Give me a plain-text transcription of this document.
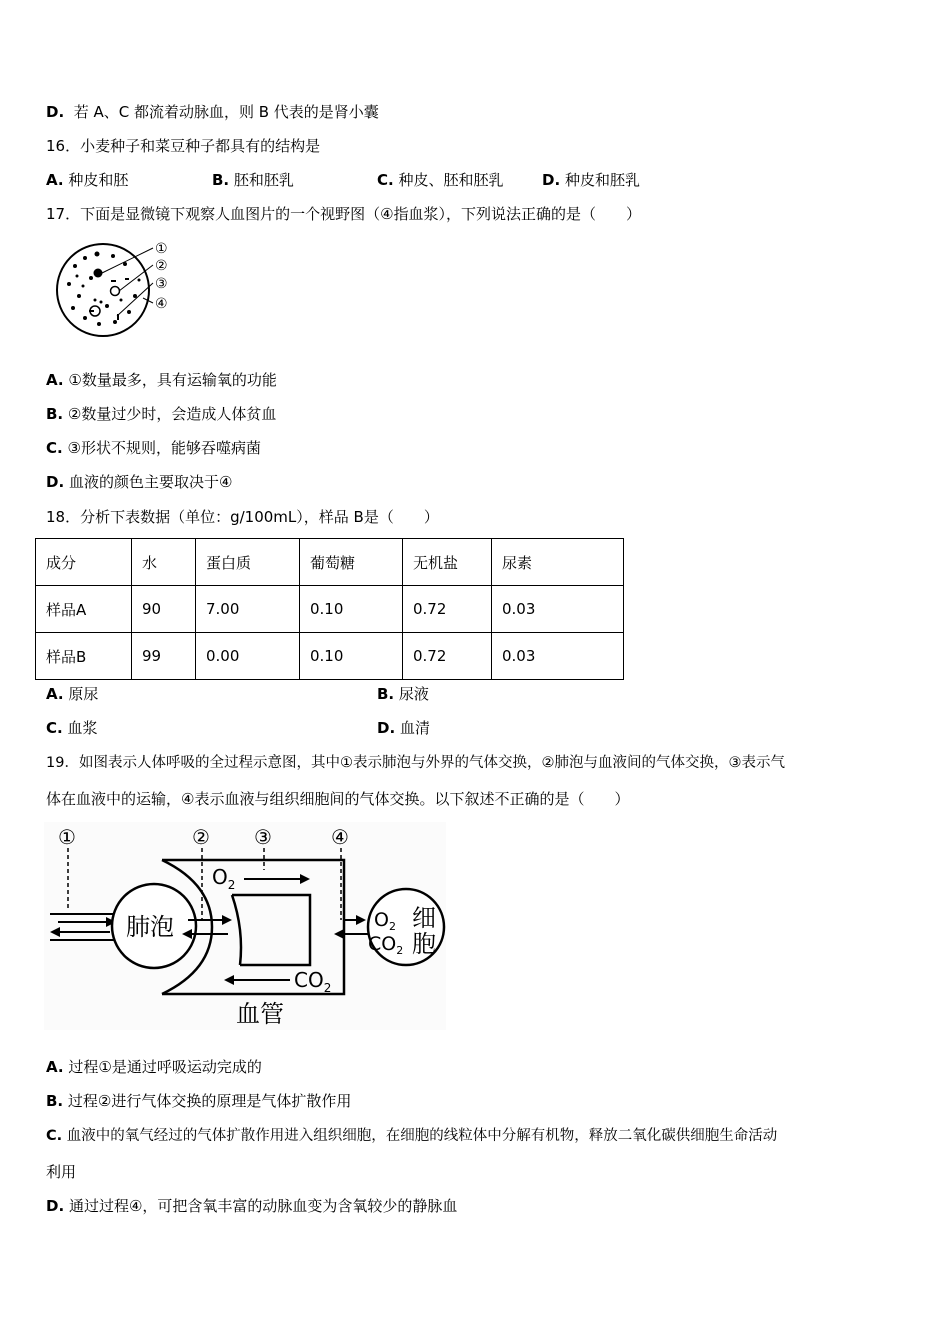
D. 若 A、C 都流着动脉血，则 B 代表的是肾小囊
16．小麦种子和菜豆种子都具有的结构是
A. 种皮和胚	B. 胚和胚乳	C. 种皮、胚和胚乳	D. 种皮和胚乳
17．下面是显微镜下观察人血图片的一个视野图（④指血浆），下列说法正确的是（　　）
①
②
③
④
A. ①数量最多，具有运输氧的功能
B. ②数量过少时，会造成人体贫血
C. ③形状不规则，能够吞噬病菌
D. 血液的颜色主要取决于④
18．分析下表数据（单位：g/100mL），样品 B是（　　）
成分	水	蛋白质	葡萄糖	无机盐	尿素
样品A	90	7.00	0.10	0.72	0.03
样品B	99	0.00	0.10	0.72	0.03
A. 原尿	B. 尿液
C. 血浆	D. 血清
19．如图表示人体呼吸的全过程示意图，其中①表示肺泡与外界的气体交换，②肺泡与血液间的气体交换，③表示气
体在血液中的运输，④表示血液与组织细胞间的气体交换。以下叙述不正确的是（　　）
①	② ③	④
肺泡
$O_2$
$CO_2$
$O_2$
$CO_2$
细
胞
血管
A. 过程①是通过呼吸运动完成的
B. 过程②进行气体交换的原理是气体扩散作用
C. 血液中的氧气经过的气体扩散作用进入组织细胞，在细胞的线粒体中分解有机物，释放二氧化碳供细胞生命活动
利用
D. 通过过程④，可把含氧丰富的动脉血变为含氧较少的静脉血
